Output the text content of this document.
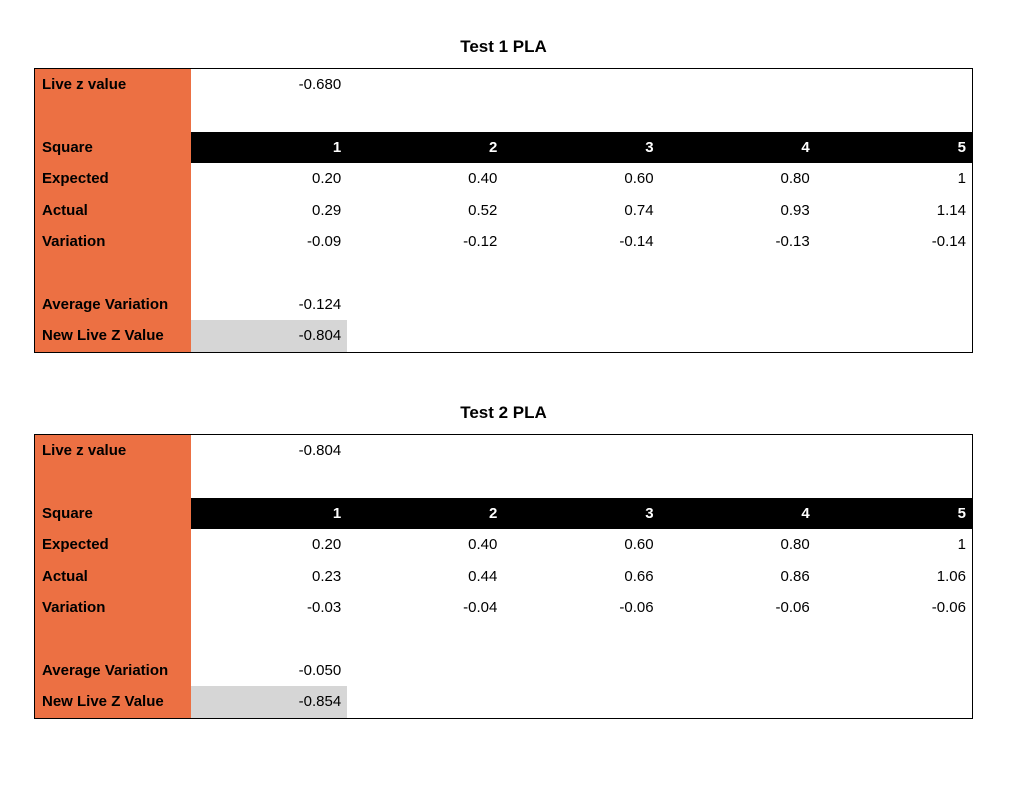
Test 1 PLA
Live z value	-0.680
Square	1	2	3	4	5
Expected	0.20	0.40	0.60	0.80	1
Actual	0.29	0.52	0.74	0.93	1.14
Variation	-0.09	-0.12	-0.14	-0.13	-0.14
Average Variation	-0.124
New Live Z Value	-0.804
Test 2 PLA
Live z value	-0.804
Square	1	2	3	4	5
Expected	0.20	0.40	0.60	0.80	1
Actual	0.23	0.44	0.66	0.86	1.06
Variation	-0.03	-0.04	-0.06	-0.06	-0.06
Average Variation	-0.050
New Live Z Value	-0.854
